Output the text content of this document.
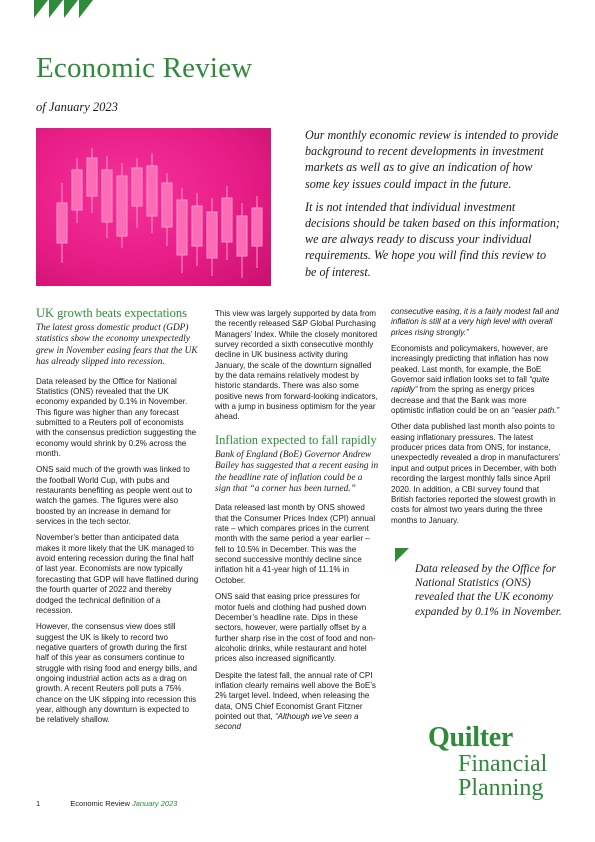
Economic Review
of January 2023

Our monthly economic review is intended to provide background to recent developments in investment markets as well as to give an indication of how some key issues could impact in the future.

It is not intended that individual investment decisions should be taken based on this information; we are always ready to discuss your individual requirements. We hope you will find this review to be of interest.

UK growth beats expectations

The latest gross domestic product (GDP) statistics show the economy unexpectedly grew in November easing fears that the UK has already slipped into recession.

Data released by the Office for National Statistics (ONS) revealed that the UK economy expanded by 0.1% in November. This figure was higher than any forecast submitted to a Reuters poll of economists with the consensus prediction suggesting the economy would shrink by 0.2% across the month.

ONS said much of the growth was linked to the football World Cup, with pubs and restaurants benefiting as people went out to watch the games. The figures were also boosted by an increase in demand for services in the tech sector.

November’s better than anticipated data makes it more likely that the UK managed to avoid entering recession during the final half of last year. Economists are now typically forecasting that GDP will have flatlined during the fourth quarter of 2022 and thereby dodged the technical definition of a recession.

However, the consensus view does still suggest the UK is likely to record two negative quarters of growth during the first half of this year as consumers continue to struggle with rising food and energy bills, and ongoing industrial action acts as a drag on growth. A recent Reuters poll puts a 75% chance on the UK slipping into recession this year, although any downturn is expected to be relatively shallow.

This view was largely supported by data from the recently released S&P Global Purchasing Managers’ Index. While the closely monitored survey recorded a sixth consecutive monthly decline in UK business activity during January, the scale of the downturn signalled by the data remains relatively modest by historic standards. There was also some positive news from forward-looking indicators, with a jump in business optimism for the year ahead.

Inflation expected to fall rapidly

Bank of England (BoE) Governor Andrew Bailey has suggested that a recent easing in the headline rate of inflation could be a sign that “a corner has been turned.”

Data released last month by ONS showed that the Consumer Prices Index (CPI) annual rate – which compares prices in the current month with the same period a year earlier – fell to 10.5% in December. This was the second successive monthly decline since inflation hit a 41-year high of 11.1% in October.

ONS said that easing price pressures for motor fuels and clothing had pushed down December’s headline rate. Dips in these sectors, however, were partially offset by a further sharp rise in the cost of food and non-alcoholic drinks, while restaurant and hotel prices also increased significantly.

Despite the latest fall, the annual rate of CPI inflation clearly remains well above the BoE’s 2% target level. Indeed, when releasing the data, ONS Chief Economist Grant Fitzner pointed out that, “Although we’ve seen a second

consecutive easing, it is a fairly modest fall and inflation is still at a very high level with overall prices rising strongly.”

Economists and policymakers, however, are increasingly predicting that inflation has now peaked. Last month, for example, the BoE Governor said inflation looks set to fall “quite rapidly” from the spring as energy prices decrease and that the Bank was more optimistic inflation could be on an “easier path.”

Other data published last month also points to easing inflationary pressures. The latest producer prices data from ONS, for instance, unexpectedly revealed a drop in manufacturers’ input and output prices in December, with both recording the largest monthly falls since April 2020. In addition, a CBI survey found that British factories reported the slowest growth in costs for almost two years during the three months to January.

Data released by the Office for National Statistics (ONS) revealed that the UK economy expanded by 0.1% in November.
Quilter
Financial
Planning
1	Economic Review January 2023
